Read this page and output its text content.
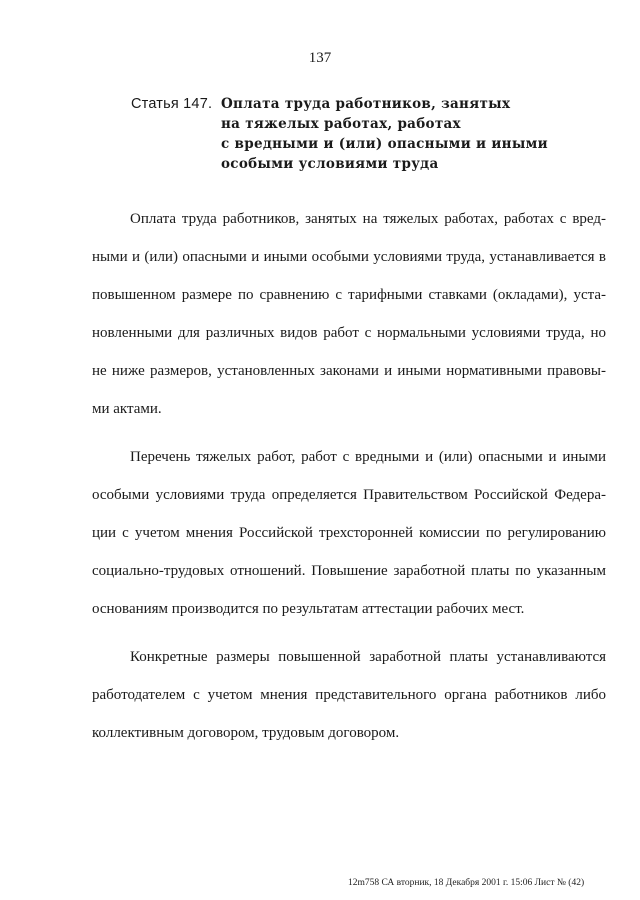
137
Статья 147. Оплата труда работников, занятых
на тяжелых работах, работах
с вредными и (или) опасными и иными
особыми условиями труда
Оплата труда работников, занятых на тяжелых работах, работах с вред-
ными и (или) опасными и иными особыми условиями труда, устанавливается в
повышенном размере по сравнению с тарифными ставками (окладами), уста-
новленными для различных видов работ с нормальными условиями труда, но
не ниже размеров, установленных законами и иными нормативными правовы-
ми актами.
Перечень тяжелых работ, работ с вредными и (или) опасными и иными
особыми условиями труда определяется Правительством Российской Федера-
ции с учетом мнения Российской трехсторонней комиссии по регулированию
социально-трудовых отношений. Повышение заработной платы по указанным
основаниям производится по результатам аттестации рабочих мест.
Конкретные размеры повышенной заработной платы устанавливаются
работодателем с учетом мнения представительного органа работников либо
коллективным договором, трудовым договором.
12m758 СА вторник, 18 Декабря 2001 г. 15:06 Лист № (42)
